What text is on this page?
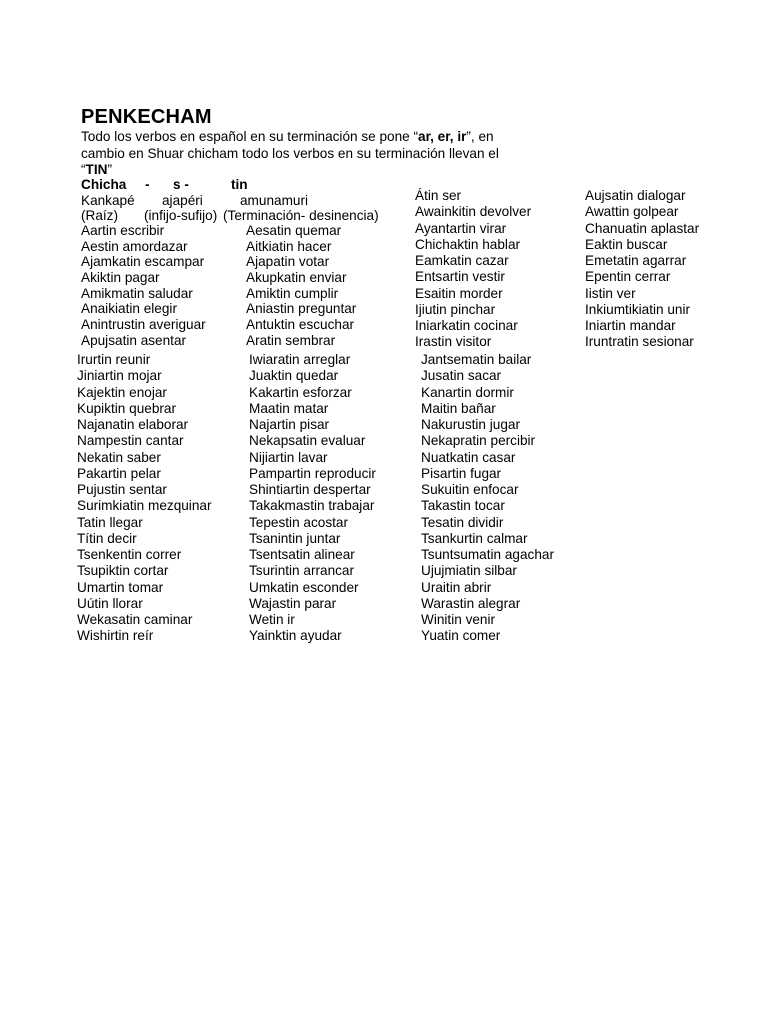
PENKECHAM
Todo los verbos en español en su terminación se pone “ar, er, ir”, en cambio en Shuar chicham todo los verbos en su terminación llevan el “TIN”
Chicha - s -	tin
Kankapé ajapéri	amunamuri
(Raíz) (infijo-sufijo) (Terminación- desinencia)
Aartin escribir
Aestin amordazar
Ajamkatin escampar
Akiktin pagar
Amikmatin saludar
Anaikiatin elegir
Anintrustin averiguar
Apujsatin asentar
Aesatin quemar
Aitkiatin hacer
Ajapatin votar
Akupkatin enviar
Amiktin cumplir
Aniastin preguntar
Antuktin escuchar
Aratin sembrar
Átin ser
Awainkitin devolver
Ayantartin virar
Chichaktin hablar
Eamkatin cazar
Entsartin vestir
Esaitin morder
Ijiutin pinchar
Iniarkatin cocinar
Irastin visitor
Aujsatin dialogar
Awattin golpear
Chanuatin aplastar
Eaktin buscar
Emetatin agarrar
Epentin cerrar
Iistin ver
Inkiumtikiatin unir
Iniartin mandar
Iruntratin sesionar
Irurtin reunir
Jiniartin mojar
Kajektin enojar
Kupiktin quebrar
Najanatin elaborar
Nampestin cantar
Nekatin saber
Pakartin pelar
Pujustin sentar
Surimkiatin mezquinar
Tatin llegar
Títin decir
Tsenkentin correr
Tsupiktin cortar
Umartin tomar
Uútin llorar
Wekasatin caminar
Wishirtin reír
Iwiaratin arreglar
Juaktin quedar
Kakartin esforzar
Maatin matar
Najartin pisar
Nekapsatin evaluar
Nijiartin lavar
Pampartin reproducir
Shintiartin despertar
Takakmastin trabajar
Tepestin acostar
Tsanintin juntar
Tsentsatin alinear
Tsurintin arrancar
Umkatin esconder
Wajastin parar
Wetin ir
Yainktin ayudar
Jantsematin bailar
Jusatin sacar
Kanartin dormir
Maitin bañar
Nakurustin jugar
Nekapratin percibir
Nuatkatin casar
Pisartin fugar
Sukuitin enfocar
Takastin tocar
Tesatin dividir
Tsankurtin calmar
Tsuntsumatin agachar
Ujujmiatin silbar
Uraitin abrir
Warastin alegrar
Winitin venir
Yuatin comer
